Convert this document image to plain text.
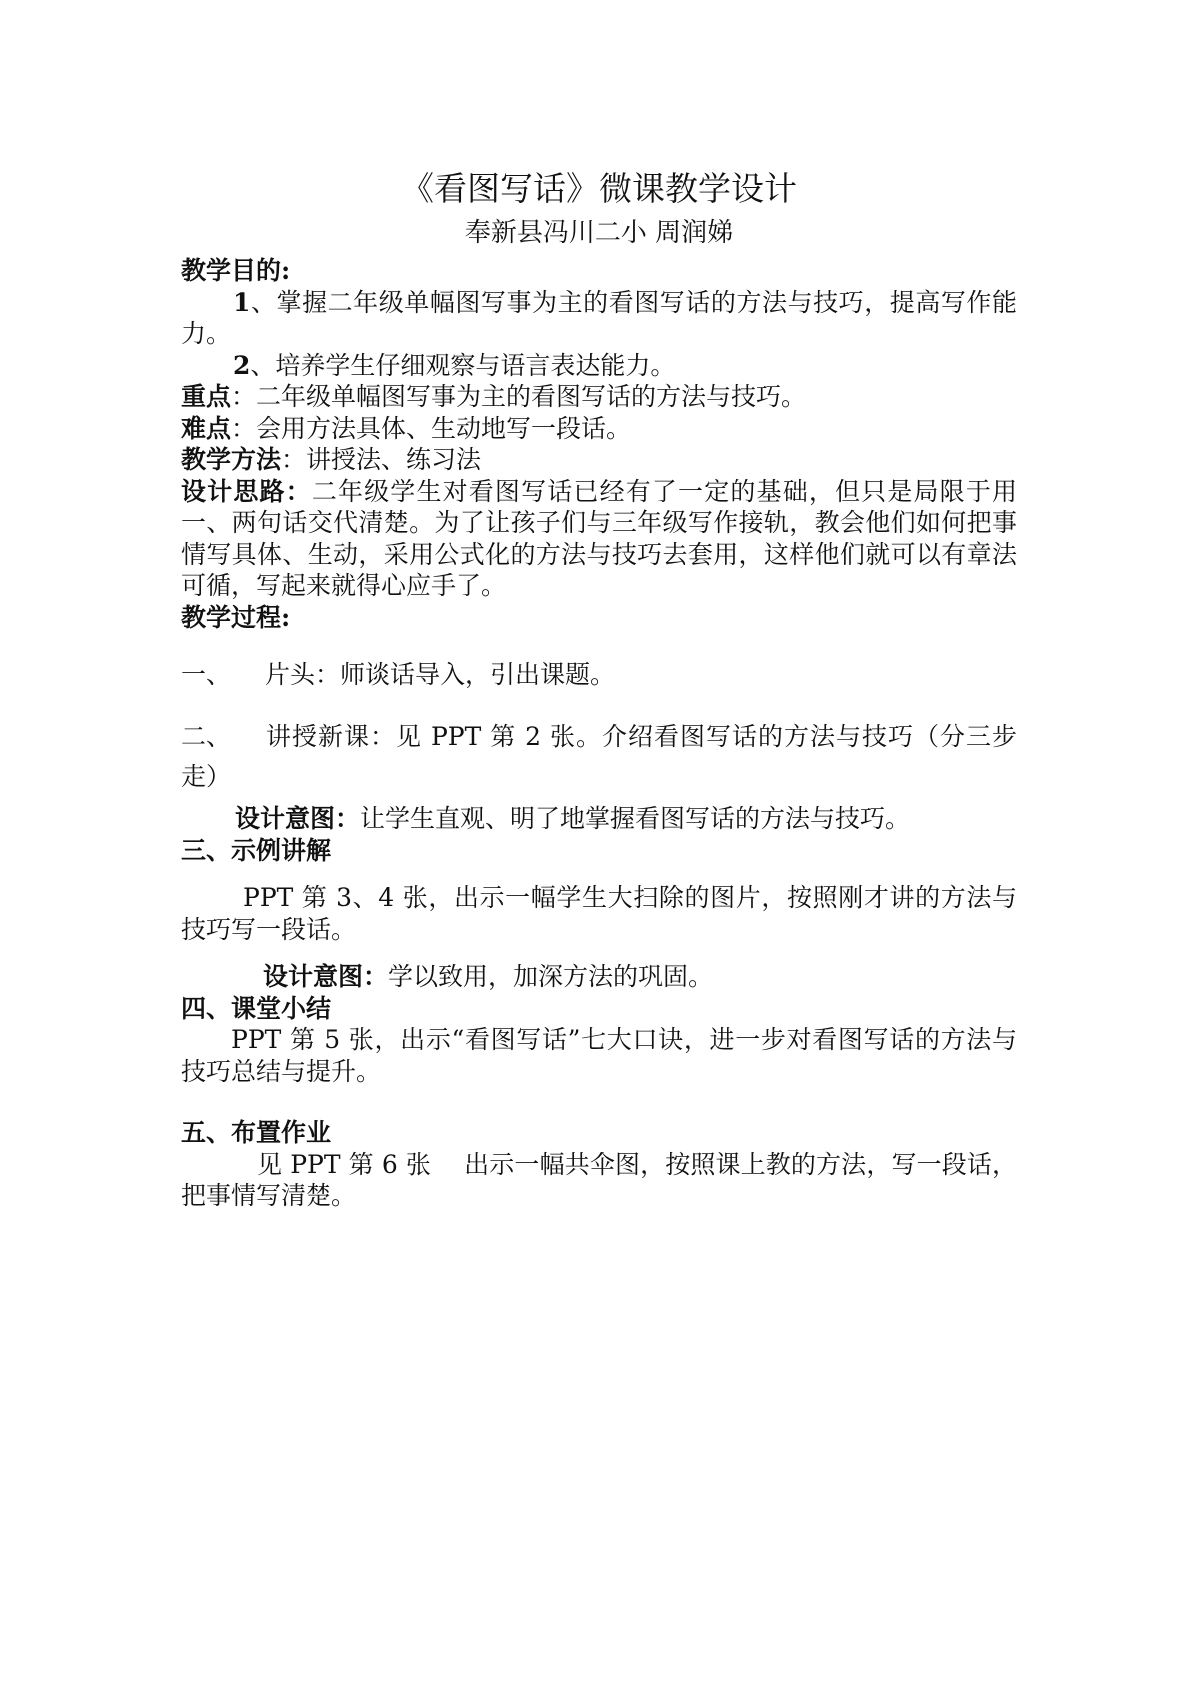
《看图写话》微课教学设计

奉新县冯川二小 周润娣

教学目的:

1、掌握二年级单幅图写事为主的看图写话的方法与技巧，提高写作能力。

2、培养学生仔细观察与语言表达能力。

重点：二年级单幅图写事为主的看图写话的方法与技巧。

难点：会用方法具体、生动地写一段话。

教学方法：讲授法、练习法

设计思路：二年级学生对看图写话已经有了一定的基础，但只是局限于用一、两句话交代清楚。为了让孩子们与三年级写作接轨，教会他们如何把事情写具体、生动，采用公式化的方法与技巧去套用，这样他们就可以有章法可循，写起来就得心应手了。

教学过程:

一、 片头：师谈话导入，引出课题。

二、 讲授新课：见 PPT 第 2 张。介绍看图写话的方法与技巧（分三步走）

设计意图：让学生直观、明了地掌握看图写话的方法与技巧。

三、示例讲解

PPT 第 3、4 张，出示一幅学生大扫除的图片，按照刚才讲的方法与技巧写一段话。

设计意图：学以致用，加深方法的巩固。

四、课堂小结

PPT 第 5 张，出示“看图写话”七大口诀，进一步对看图写话的方法与技巧总结与提升。

五、布置作业

见 PPT 第 6 张　 出示一幅共伞图，按照课上教的方法，写一段话，把事情写清楚。
